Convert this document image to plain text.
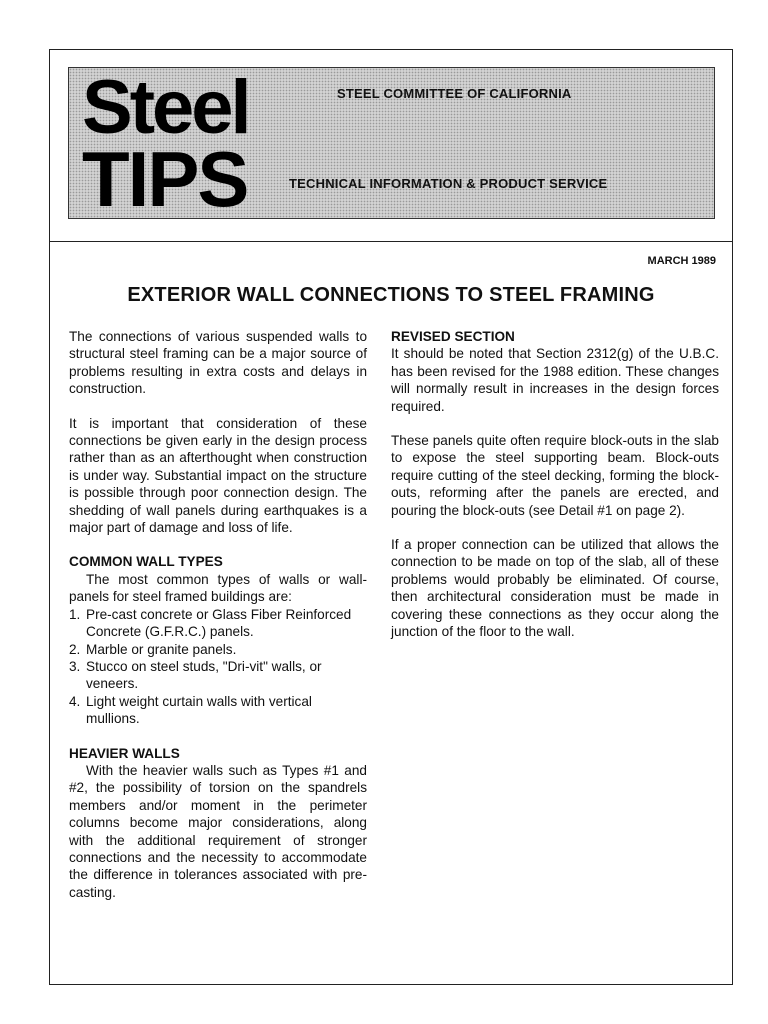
Steel
TIPS
STEEL COMMITTEE OF CALIFORNIA
TECHNICAL INFORMATION & PRODUCT SERVICE
MARCH 1989
EXTERIOR WALL CONNECTIONS TO STEEL FRAMING

The connections of various suspended walls to structural steel framing can be a major source of problems resulting in extra costs and delays in construction.

It is important that consideration of these connections be given early in the design process rather than as an afterthought when construction is under way. Substantial impact on the structure is possible through poor connection design. The shedding of wall panels during earthquakes is a major part of damage and loss of life.

COMMON WALL TYPES

The most common types of walls or wall-panels for steel framed buildings are:

1. Pre-cast concrete or Glass Fiber Reinforced Concrete (G.F.R.C.) panels.
2. Marble or granite panels.
3. Stucco on steel studs, "Dri-vit" walls, or veneers.
4. Light weight curtain walls with vertical mullions.

HEAVIER WALLS

With the heavier walls such as Types #1 and #2, the possibility of torsion on the spandrels members and/or moment in the perimeter columns become major considerations, along with the additional requirement of stronger connections and the necessity to accommodate the difference in tolerances associated with pre-casting.

REVISED SECTION

It should be noted that Section 2312(g) of the U.B.C. has been revised for the 1988 edition. These changes will normally result in increases in the design forces required.

These panels quite often require block-outs in the slab to expose the steel supporting beam. Block-outs require cutting of the steel decking, forming the block-outs, reforming after the panels are erected, and pouring the block-outs (see Detail #1 on page 2).

If a proper connection can be utilized that allows the connection to be made on top of the slab, all of these problems would probably be eliminated. Of course, then architectural consideration must be made in covering these connections as they occur along the junction of the floor to the wall.
